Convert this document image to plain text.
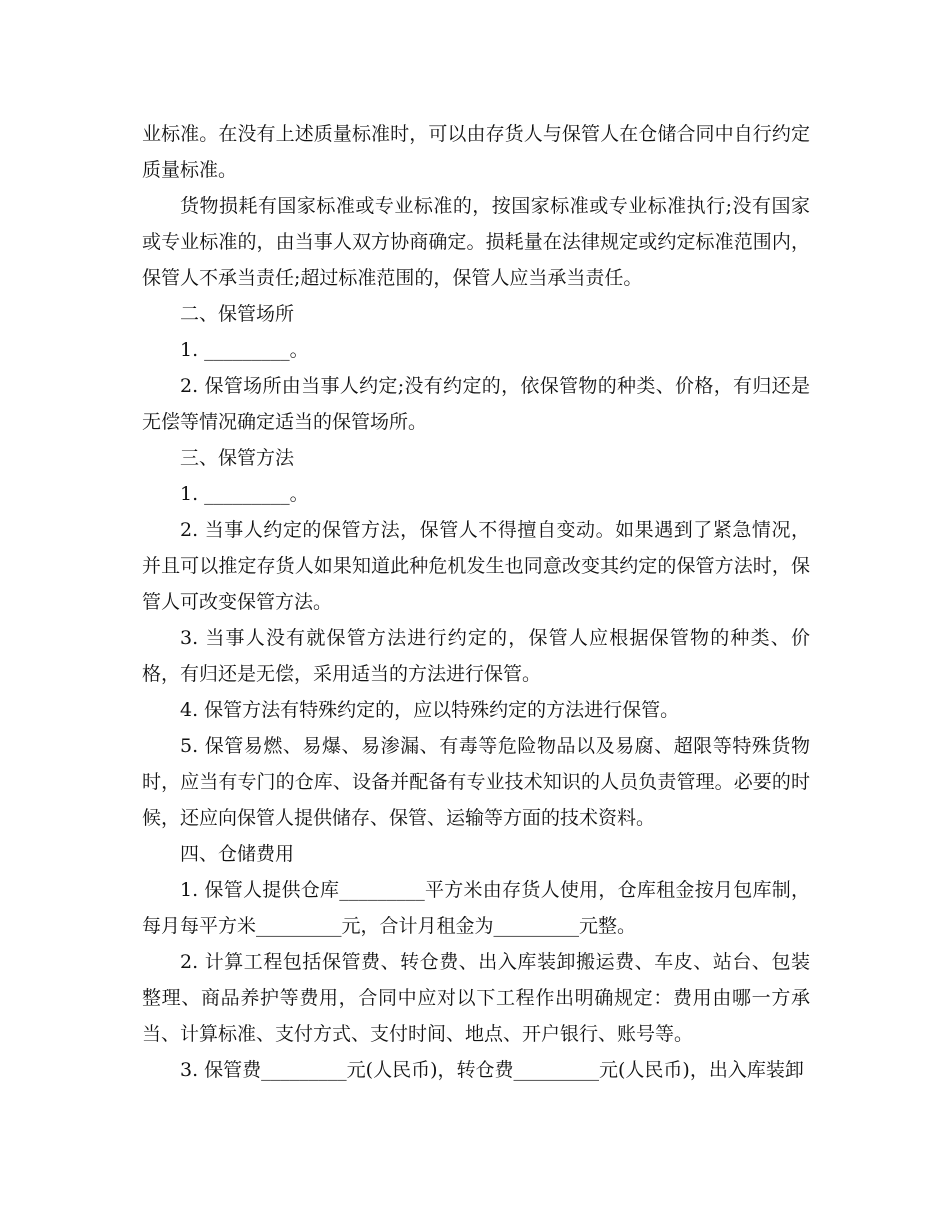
业标准。在没有上述质量标准时，可以由存货人与保管人在仓储合同中自行约定质量标准。

货物损耗有国家标准或专业标准的，按国家标准或专业标准执行;没有国家或专业标准的，由当事人双方协商确定。损耗量在法律规定或约定标准范围内，保管人不承当责任;超过标准范围的，保管人应当承当责任。

二、保管场所

1. _________。

2. 保管场所由当事人约定;没有约定的，依保管物的种类、价格，有归还是无偿等情况确定适当的保管场所。

三、保管方法

1. _________。

2. 当事人约定的保管方法，保管人不得擅自变动。如果遇到了紧急情况，并且可以推定存货人如果知道此种危机发生也同意改变其约定的保管方法时，保管人可改变保管方法。

3. 当事人没有就保管方法进行约定的，保管人应根据保管物的种类、价格，有归还是无偿，采用适当的方法进行保管。

4. 保管方法有特殊约定的，应以特殊约定的方法进行保管。

5. 保管易燃、易爆、易渗漏、有毒等危险物品以及易腐、超限等特殊货物时，应当有专门的仓库、设备并配备有专业技术知识的人员负责管理。必要的时候，还应向保管人提供储存、保管、运输等方面的技术资料。

四、仓储费用

1. 保管人提供仓库_________平方米由存货人使用，仓库租金按月包库制，每月每平方米_________元，合计月租金为_________元整。

2. 计算工程包括保管费、转仓费、出入库装卸搬运费、车皮、站台、包装整理、商品养护等费用，合同中应对以下工程作出明确规定：费用由哪一方承当、计算标准、支付方式、支付时间、地点、开户银行、账号等。

3. 保管费_________元(人民币)，转仓费_________元(人民币)，出入库装卸
